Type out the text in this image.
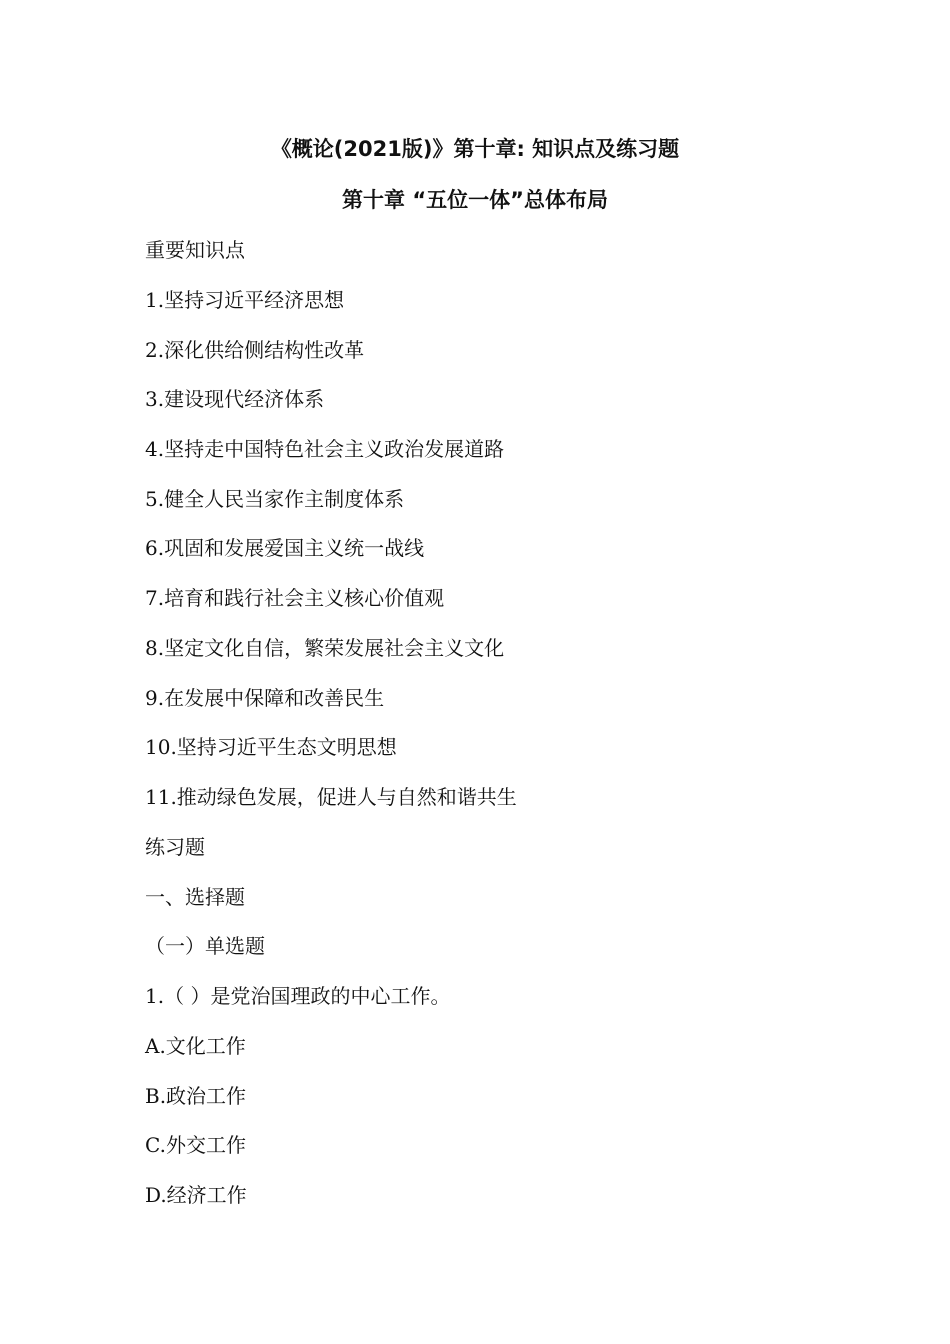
《概论(2021版)》第十章: 知识点及练习题
第十章 “五位一体”总体布局
重要知识点
1.坚持习近平经济思想
2.深化供给侧结构性改革
3.建设现代经济体系
4.坚持走中国特色社会主义政治发展道路
5.健全人民当家作主制度体系
6.巩固和发展爱国主义统一战线
7.培育和践行社会主义核心价值观
8.坚定文化自信，繁荣发展社会主义文化
9.在发展中保障和改善民生
10.坚持习近平生态文明思想
11.推动绿色发展，促进人与自然和谐共生
练习题
一、选择题
（一）单选题
1.（ ）是党治国理政的中心工作。
A.文化工作
B.政治工作
C.外交工作
D.经济工作
